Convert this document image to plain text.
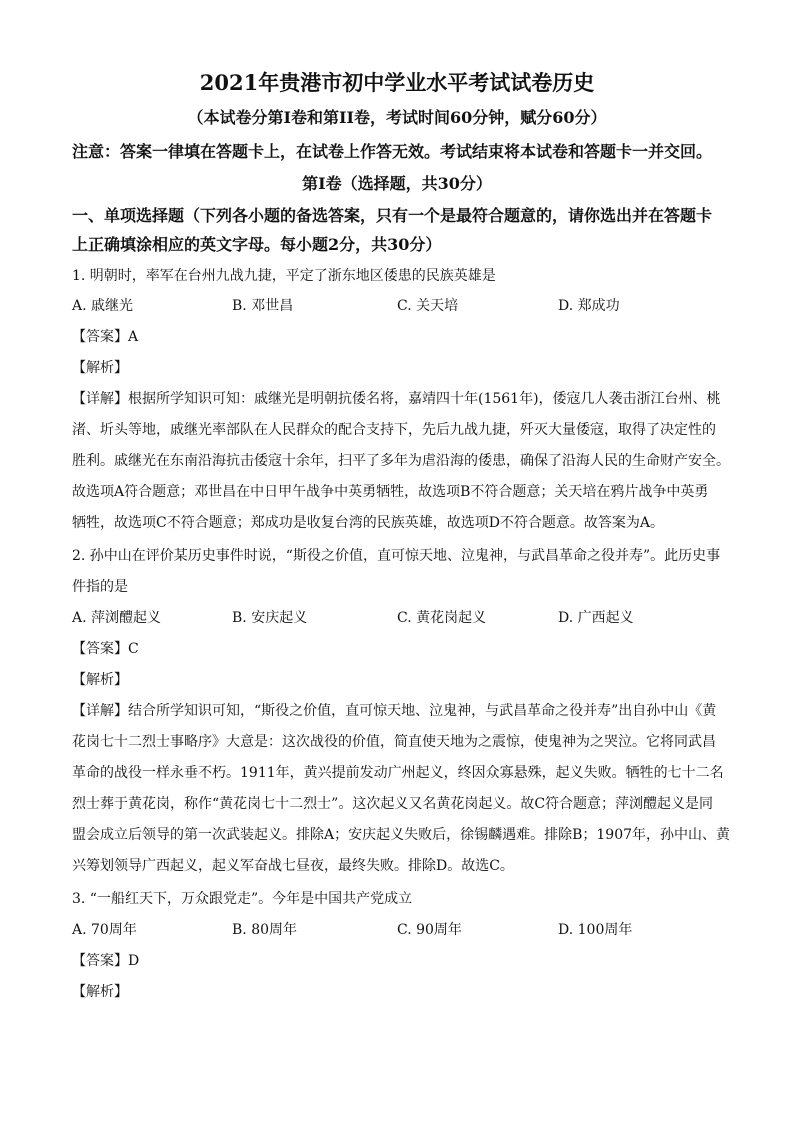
2021年贵港市初中学业水平考试试卷历史
（本试卷分第I卷和第II卷，考试时间60分钟，赋分60分）
注意：答案一律填在答题卡上，在试卷上作答无效。考试结束将本试卷和答题卡一并交回。
第I卷（选择题，共30分）
一、单项选择题（下列各小题的备选答案，只有一个是最符合题意的，请你选出并在答题卡
上正确填涂相应的英文字母。每小题2分，共30分）
1. 明朝时，率军在台州九战九捷，平定了浙东地区倭患的民族英雄是
A. 戚继光	B. 邓世昌	C. 关天培	D. 郑成功
【答案】A
【解析】
【详解】根据所学知识可知：戚继光是明朝抗倭名将，嘉靖四十年(1561年)，倭寇几人袭击浙江台州、桃
渚、圻头等地，戚继光率部队在人民群众的配合支持下，先后九战九捷，歼灭大量倭寇，取得了决定性的
胜利。戚继光在东南沿海抗击倭寇十余年，扫平了多年为虐沿海的倭患，确保了沿海人民的生命财产安全。
故选项A符合题意；邓世昌在中日甲午战争中英勇牺牲，故选项B不符合题意；关天培在鸦片战争中英勇
牺牲，故选项C不符合题意；郑成功是收复台湾的民族英雄，故选项D不符合题意。故答案为A。
2. 孙中山在评价某历史事件时说，“斯役之价值，直可惊天地、泣鬼神，与武昌革命之役并寿”。此历史事
件指的是
A. 萍浏醴起义	B. 安庆起义	C. 黄花岗起义	D. 广西起义
【答案】C
【解析】
【详解】结合所学知识可知，“斯役之价值，直可惊天地、泣鬼神，与武昌革命之役并寿”出自孙中山《黄
花岗七十二烈士事略序》大意是：这次战役的价值，简直使天地为之震惊，使鬼神为之哭泣。它将同武昌
革命的战役一样永垂不朽。1911年，黄兴提前发动广州起义，终因众寡悬殊，起义失败。牺牲的七十二名
烈士葬于黄花岗，称作“黄花岗七十二烈士”。这次起义又名黄花岗起义。故C符合题意；萍浏醴起义是同
盟会成立后领导的第一次武装起义。排除A；安庆起义失败后，徐锡麟遇难。排除B；1907年，孙中山、黄
兴筹划领导广西起义，起义军奋战七昼夜，最终失败。排除D。故选C。
3. “一船红天下，万众跟党走”。今年是中国共产党成立
A. 70周年	B. 80周年	C. 90周年	D. 100周年
【答案】D
【解析】
